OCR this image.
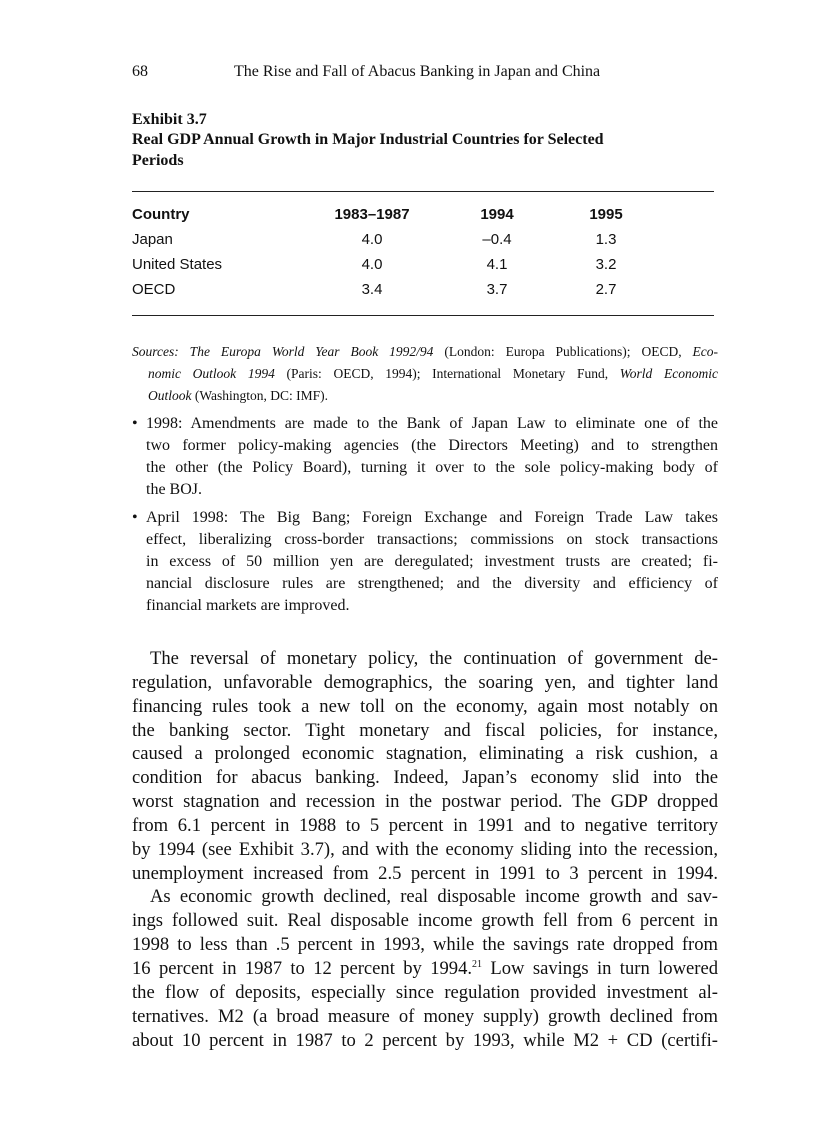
68	The Rise and Fall of Abacus Banking in Japan and China
Exhibit 3.7
Real GDP Annual Growth in Major Industrial Countries for Selected
Periods
Country	1983–1987	1994	1995
Japan	4.0	–0.4	1.3
United States	4.0	4.1	3.2
OECD	3.4	3.7	2.7
Sources: The Europa World Year Book 1992/94 (London: Europa Publications); OECD, Eco-
nomic Outlook 1994 (Paris: OECD, 1994); International Monetary Fund, World Economic
Outlook (Washington, DC: IMF).
• 1998: Amendments are made to the Bank of Japan Law to eliminate one of the
two former policy-making agencies (the Directors Meeting) and to strengthen
the other (the Policy Board), turning it over to the sole policy-making body of
the BOJ.
• April 1998: The Big Bang; Foreign Exchange and Foreign Trade Law takes
effect, liberalizing cross-border transactions; commissions on stock transactions
in excess of 50 million yen are deregulated; investment trusts are created; fi-
nancial disclosure rules are strengthened; and the diversity and efficiency of
financial markets are improved.
The reversal of monetary policy, the continuation of government de-
regulation, unfavorable demographics, the soaring yen, and tighter land
financing rules took a new toll on the economy, again most notably on
the banking sector. Tight monetary and fiscal policies, for instance,
caused a prolonged economic stagnation, eliminating a risk cushion, a
condition for abacus banking. Indeed, Japan’s economy slid into the
worst stagnation and recession in the postwar period. The GDP dropped
from 6.1 percent in 1988 to 5 percent in 1991 and to negative territory
by 1994 (see Exhibit 3.7), and with the economy sliding into the recession,
unemployment increased from 2.5 percent in 1991 to 3 percent in 1994.
As economic growth declined, real disposable income growth and sav-
ings followed suit. Real disposable income growth fell from 6 percent in
1998 to less than .5 percent in 1993, while the savings rate dropped from
16 percent in 1987 to 12 percent by 1994.21 Low savings in turn lowered
the flow of deposits, especially since regulation provided investment al-
ternatives. M2 (a broad measure of money supply) growth declined from
about 10 percent in 1987 to 2 percent by 1993, while M2 + CD (certifi-
